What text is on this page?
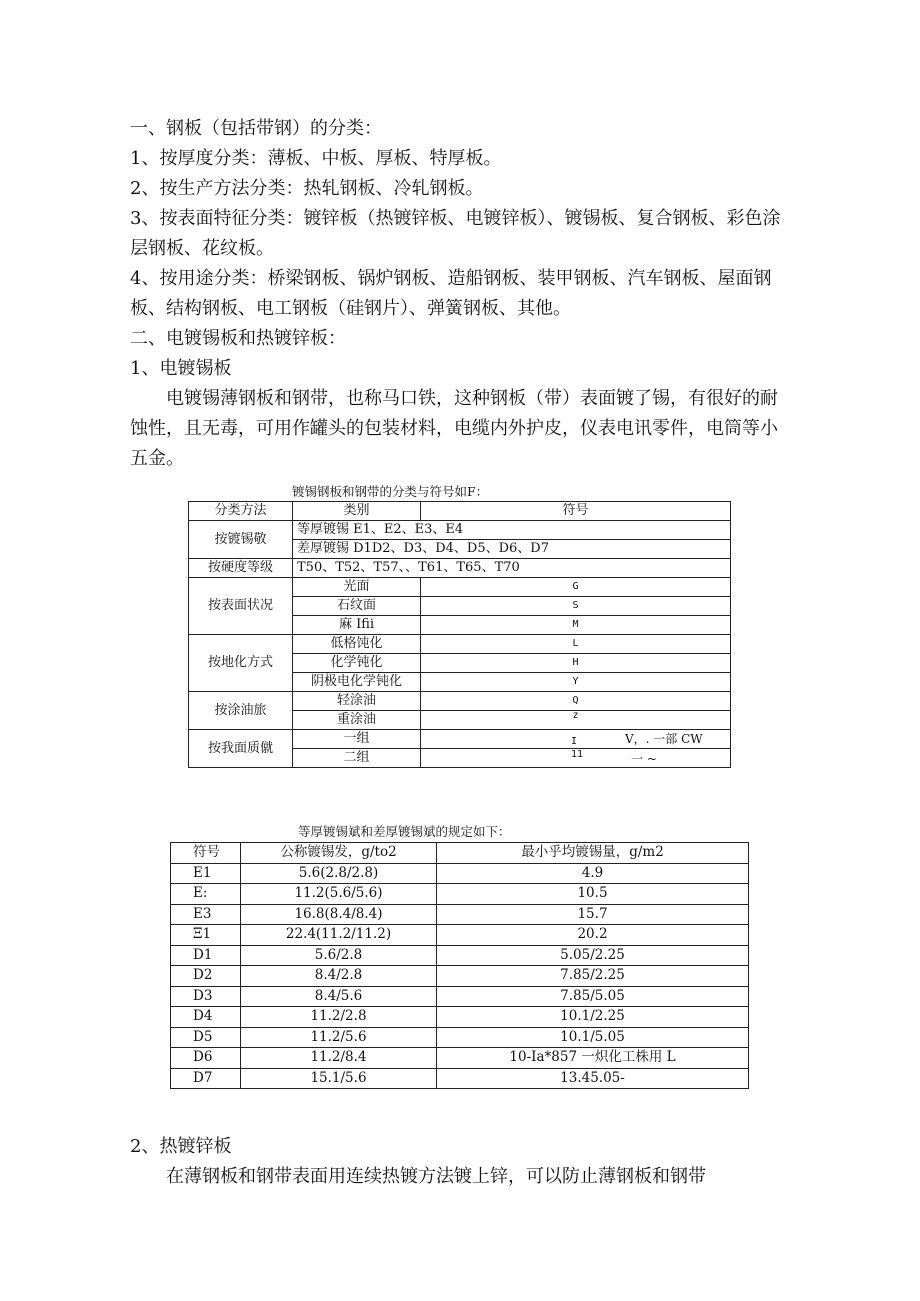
一、钢板（包括带钢）的分类：

1、按厚度分类：薄板、中板、厚板、特厚板。

2、按生产方法分类：热轧钢板、冷轧钢板。

3、按表面特征分类：镀锌板（热镀锌板、电镀锌板）、镀锡板、复合钢板、彩色涂层钢板、花纹板。

4、按用途分类：桥梁钢板、锅炉钢板、造船钢板、装甲钢板、汽车钢板、屋面钢板、结构钢板、电工钢板（硅钢片）、弹簧钢板、其他。

二、电镀锡板和热镀锌板：

1、电镀锡板

电镀锡薄钢板和钢带，也称马口铁，这种钢板（带）表面镀了锡，有很好的耐蚀性，且无毒，可用作罐头的包装材料，电缆内外护皮，仪表电讯零件，电筒等小五金。

镀锡钢板和钢带的分类与符号如F：
分类方法	类别	符号
按镀锡敬	等厚镀锡 E1、E2、E3、E4	
	差厚镀锡 D1D2、D3、D4、D5、D6、D7	
按硬度等级	T50、T52、T57、、T61、T65、T70	
按表面状况	光面	G
	石纹面	S
	麻 Ifii	M
按地化方式	低格饨化	L
	化学钝化	H
	阴极电化学钝化	Y
按涂油旅	轻涂油	Q
	重涂油	z
按我面质僦	一组	I V，. 一部 CW

	二组	11 一 ~
等厚镀锡斌和差厚镀锡斌的规定如下：
符号	公称镀锡发，g/to2	最小乎均镀锡量，g/m2
E1	5.6(2.8/2.8)	4.9
E:	11.2(5.6/5.6)	10.5
E3	16.8(8.4/8.4)	15.7
Ξ1	22.4(11.2/11.2)	20.2
D1	5.6/2.8	5.05/2.25
D2	8.4/2.8	7.85/2.25
D3	8.4/5.6	7.85/5.05
D4	11.2/2.8	10.1/2.25
D5	11.2/5.6	10.1/5.05
D6	11.2/8.4	10-Ia*857 一炽化工株用 L
D7	15.1/5.6	13.45.05-

2、热镀锌板

在薄钢板和钢带表面用连续热镀方法镀上锌，可以防止薄钢板和钢带
